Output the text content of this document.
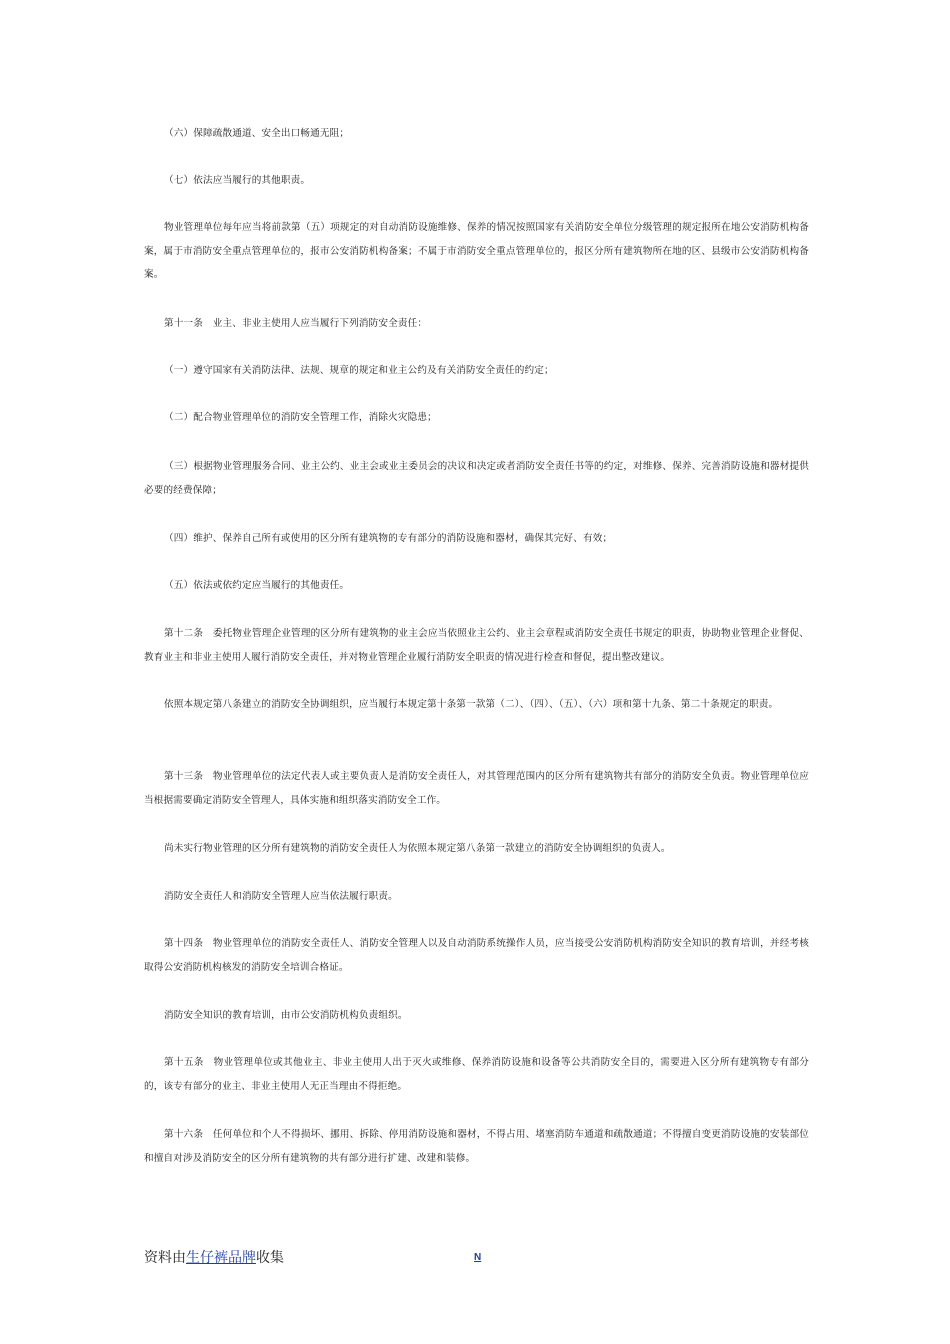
（六）保障疏散通道、安全出口畅通无阻；

（七）依法应当履行的其他职责。

物业管理单位每年应当将前款第（五）项规定的对自动消防设施维修、保养的情况按照国家有关消防安全单位分级管理的规定报所在地公安消防机构备案，属于市消防安全重点管理单位的，报市公安消防机构备案；不属于市消防安全重点管理单位的，报区分所有建筑物所在地的区、县级市公安消防机构备案。

第十一条　业主、非业主使用人应当履行下列消防安全责任：

（一）遵守国家有关消防法律、法规、规章的规定和业主公约及有关消防安全责任的约定；

（二）配合物业管理单位的消防安全管理工作，消除火灾隐患；

（三）根据物业管理服务合同、业主公约、业主会或业主委员会的决议和决定或者消防安全责任书等的约定，对维修、保养、完善消防设施和器材提供必要的经费保障；

（四）维护、保养自己所有或使用的区分所有建筑物的专有部分的消防设施和器材，确保其完好、有效；

（五）依法或依约定应当履行的其他责任。

第十二条　委托物业管理企业管理的区分所有建筑物的业主会应当依照业主公约、业主会章程或消防安全责任书规定的职责，协助物业管理企业督促、教育业主和非业主使用人履行消防安全责任，并对物业管理企业履行消防安全职责的情况进行检查和督促，提出整改建议。

依照本规定第八条建立的消防安全协调组织，应当履行本规定第十条第一款第（二）、（四）、（五）、（六）项和第十九条、第二十条规定的职责。

第十三条　物业管理单位的法定代表人或主要负责人是消防安全责任人，对其管理范围内的区分所有建筑物共有部分的消防安全负责。物业管理单位应当根据需要确定消防安全管理人，具体实施和组织落实消防安全工作。

尚未实行物业管理的区分所有建筑物的消防安全责任人为依照本规定第八条第一款建立的消防安全协调组织的负责人。

消防安全责任人和消防安全管理人应当依法履行职责。

第十四条　物业管理单位的消防安全责任人、消防安全管理人以及自动消防系统操作人员，应当接受公安消防机构消防安全知识的教育培训，并经考核取得公安消防机构核发的消防安全培训合格证。

消防安全知识的教育培训，由市公安消防机构负责组织。

第十五条　物业管理单位或其他业主、非业主使用人出于灭火或维修、保养消防设施和设备等公共消防安全目的，需要进入区分所有建筑物专有部分的，该专有部分的业主、非业主使用人无正当理由不得拒绝。

第十六条　任何单位和个人不得损坏、挪用、拆除、停用消防设施和器材，不得占用、堵塞消防车通道和疏散通道；不得擅自变更消防设施的安装部位和擅自对涉及消防安全的区分所有建筑物的共有部分进行扩建、改建和装修。

资料由生仔裤品牌收集	N
